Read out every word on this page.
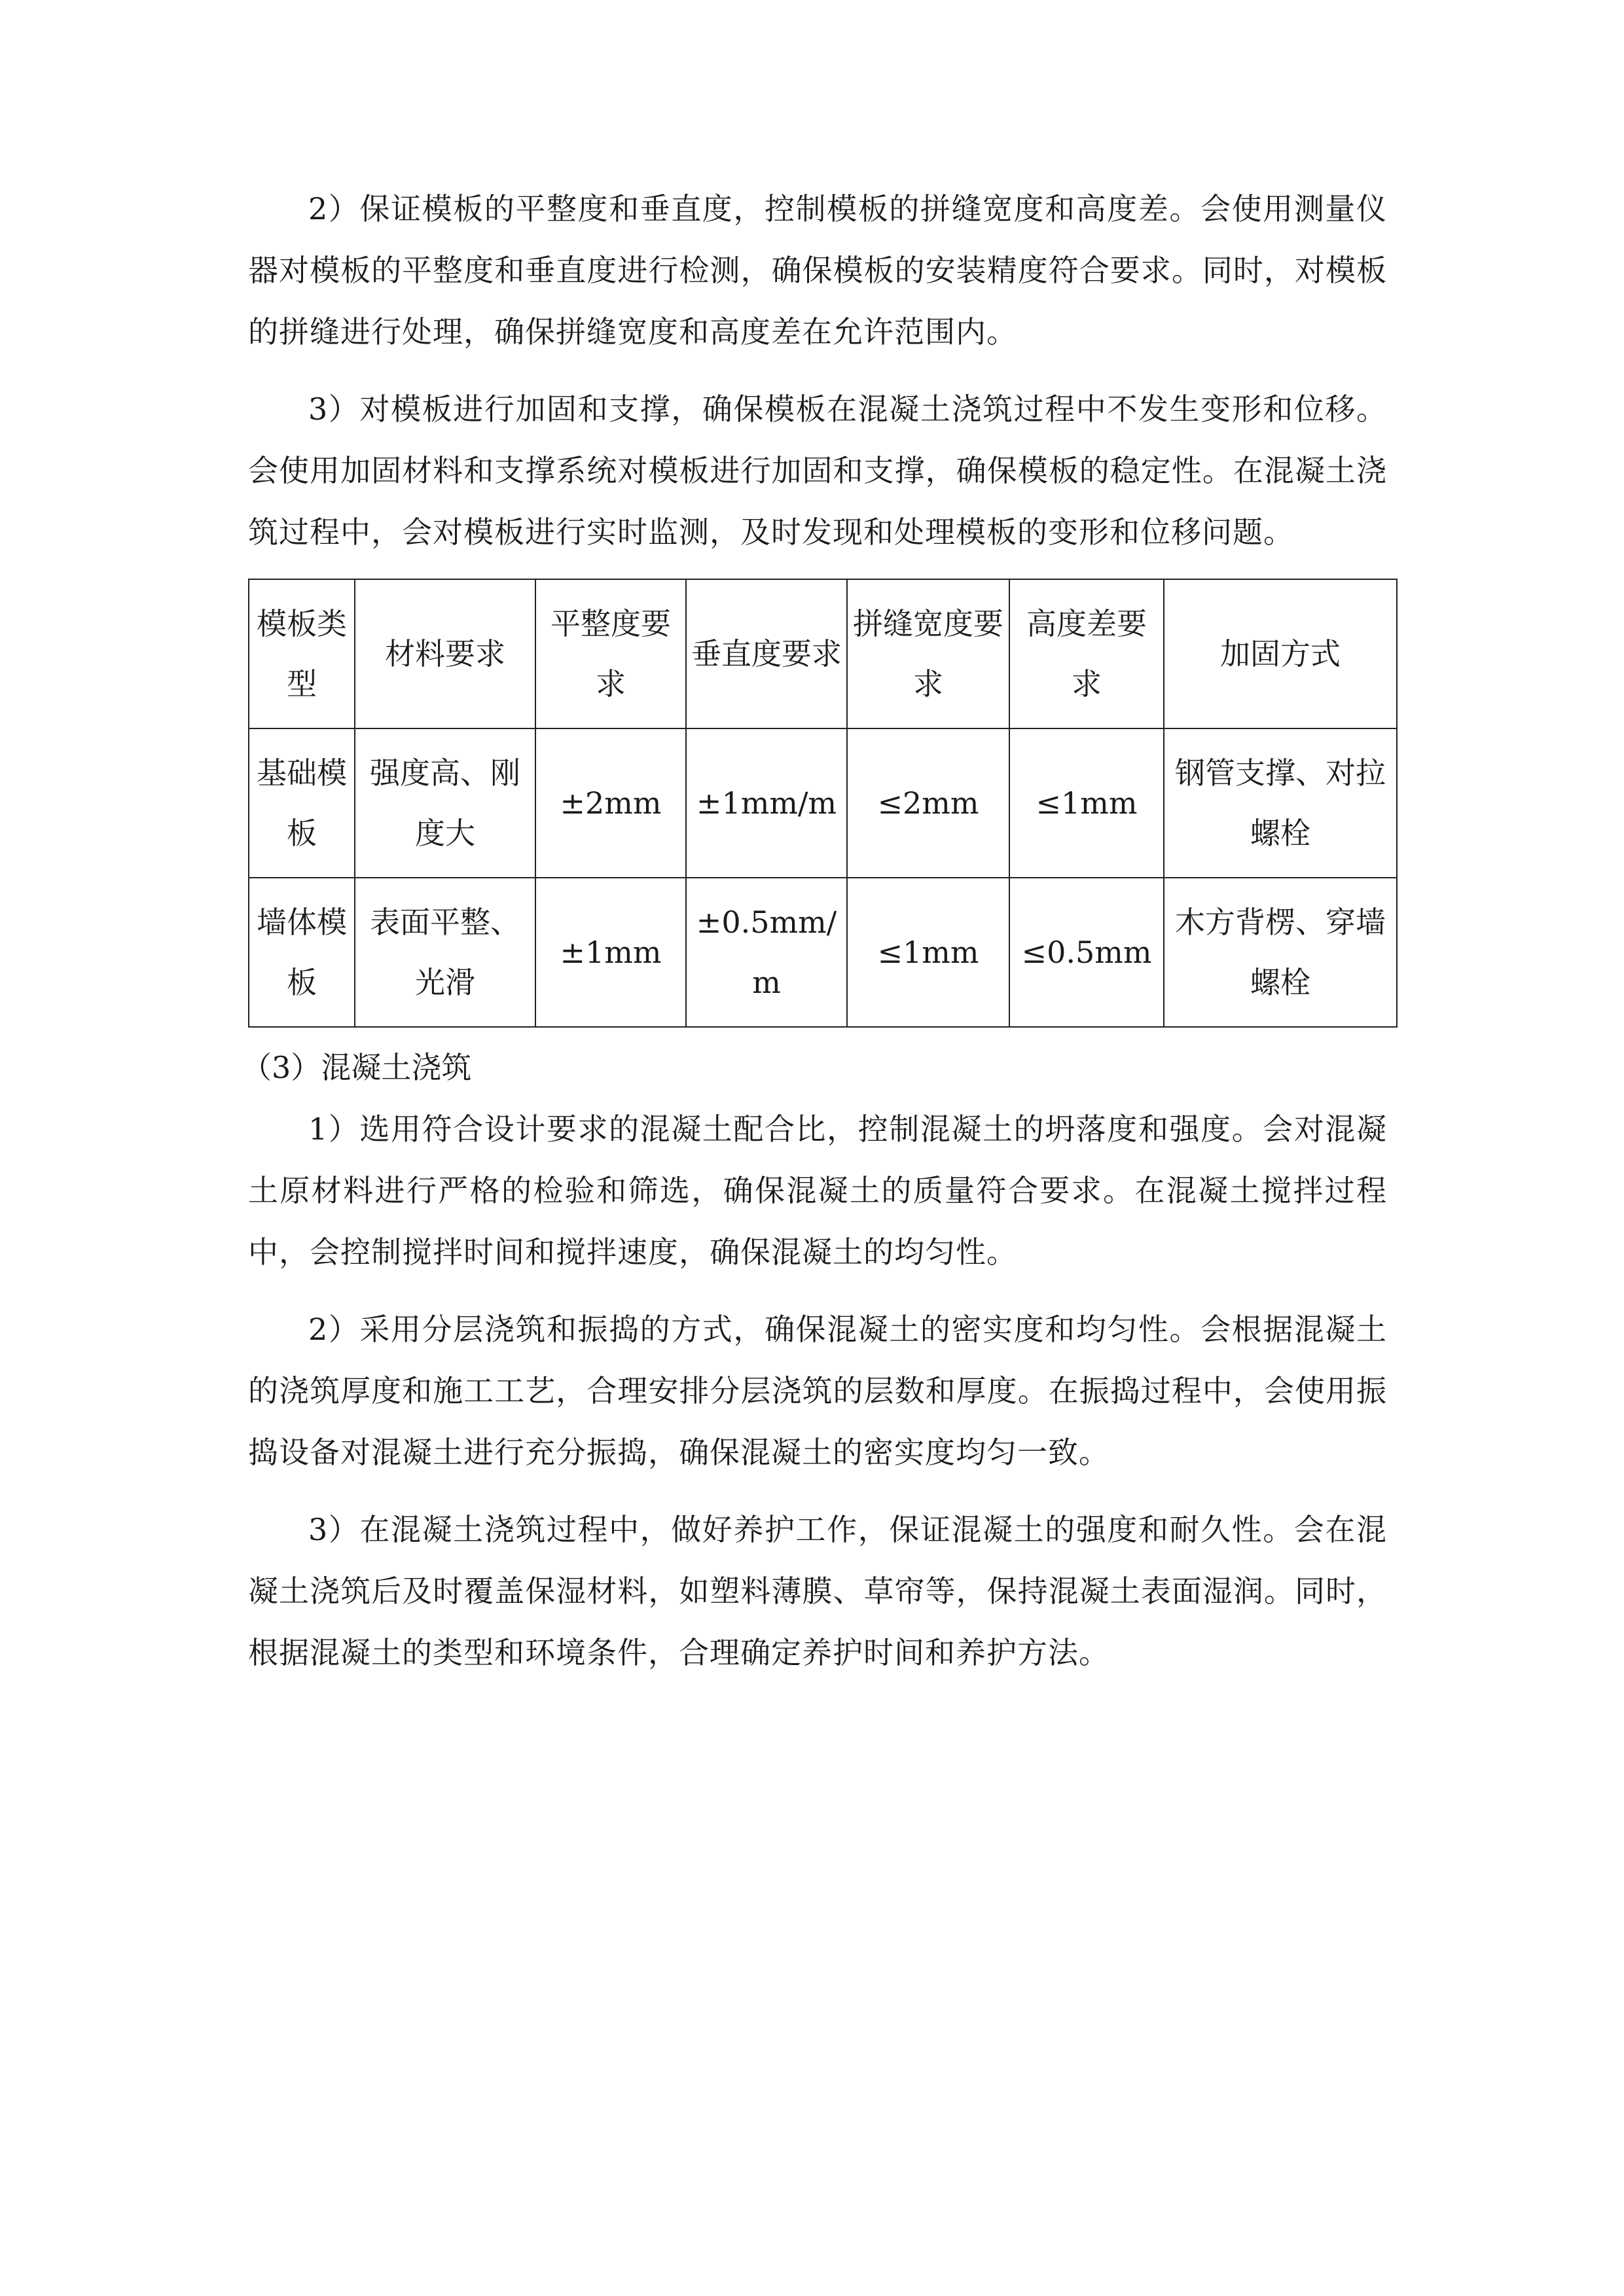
2）保证模板的平整度和垂直度，控制模板的拼缝宽度和高度差。会使用测量仪器对模板的平整度和垂直度进行检测，确保模板的安装精度符合要求。同时，对模板的拼缝进行处理，确保拼缝宽度和高度差在允许范围内。

3）对模板进行加固和支撑，确保模板在混凝土浇筑过程中不发生变形和位移。会使用加固材料和支撑系统对模板进行加固和支撑，确保模板的稳定性。在混凝土浇筑过程中，会对模板进行实时监测，及时发现和处理模板的变形和位移问题。

模板类型	材料要求	平整度要求	垂直度要求	拼缝宽度要求	高度差要求	加固方式
基础模板	强度高、刚度大	±2mm	±1mm/m	≤2mm	≤1mm	钢管支撑、对拉螺栓
墙体模板	表面平整、光滑	±1mm	±0.5mm/m	≤1mm	≤0.5mm	木方背楞、穿墙螺栓

（3）混凝土浇筑

1）选用符合设计要求的混凝土配合比，控制混凝土的坍落度和强度。会对混凝土原材料进行严格的检验和筛选，确保混凝土的质量符合要求。在混凝土搅拌过程中，会控制搅拌时间和搅拌速度，确保混凝土的均匀性。

2）采用分层浇筑和振捣的方式，确保混凝土的密实度和均匀性。会根据混凝土的浇筑厚度和施工工艺，合理安排分层浇筑的层数和厚度。在振捣过程中，会使用振捣设备对混凝土进行充分振捣，确保混凝土的密实度均匀一致。

3）在混凝土浇筑过程中，做好养护工作，保证混凝土的强度和耐久性。会在混凝土浇筑后及时覆盖保湿材料，如塑料薄膜、草帘等，保持混凝土表面湿润。同时，根据混凝土的类型和环境条件，合理确定养护时间和养护方法。
